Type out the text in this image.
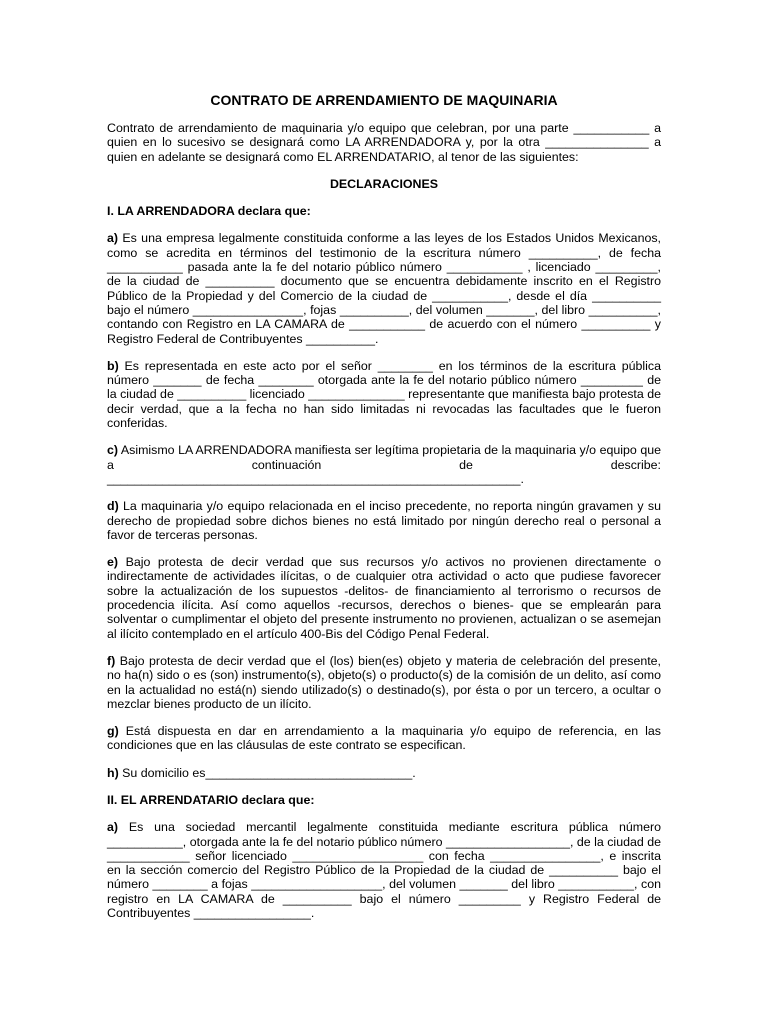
CONTRATO DE ARRENDAMIENTO DE MAQUINARIA

Contrato de arrendamiento de maquinaria y/o equipo que celebran, por una parte ___________ a quien en lo sucesivo se designará como LA ARRENDADORA y, por la otra _______________ a quien en adelante se designará como EL ARRENDATARIO, al tenor de las siguientes:

DECLARACIONES
I. LA ARRENDADORA declara que:

a) Es una empresa legalmente constituida conforme a las leyes de los Estados Unidos Mexicanos, como se acredita en términos del testimonio de la escritura número __________, de fecha ___________ pasada ante la fe del notario público número ___________ , licenciado _________, de la ciudad de __________ documento que se encuentra debidamente inscrito en el Registro Público de la Propiedad y del Comercio de la ciudad de ___________, desde el día __________ bajo el número ________________, fojas __________, del volumen _______, del libro __________, contando con Registro en LA CAMARA de ___________ de acuerdo con el número __________ y Registro Federal de Contribuyentes __________.

b) Es representada en este acto por el señor ________ en los términos de la escritura pública número _______ de fecha ________ otorgada ante la fe del notario público número _________ de la ciudad de __________ licenciado ______________ representante que manifiesta bajo protesta de decir verdad, que a la fecha no han sido limitadas ni revocadas las facultades que le fueron conferidas.

c) Asimismo LA ARRENDADORA manifiesta ser legítima propietaria de la maquinaria y/o equipo que a continuación de describe: ____________________________________________________________.

d) La maquinaria y/o equipo relacionada en el inciso precedente, no reporta ningún gravamen y su derecho de propiedad sobre dichos bienes no está limitado por ningún derecho real o personal a favor de terceras personas.

e) Bajo protesta de decir verdad que sus recursos y/o activos no provienen directamente o indirectamente de actividades ilícitas, o de cualquier otra actividad o acto que pudiese favorecer sobre la actualización de los supuestos -delitos- de financiamiento al terrorismo o recursos de procedencia ilícita. Así como aquellos -recursos, derechos o bienes- que se emplearán para solventar o cumplimentar el objeto del presente instrumento no provienen, actualizan o se asemejan al ilícito contemplado en el artículo 400-Bis del Código Penal Federal.

f) Bajo protesta de decir verdad que el (los) bien(es) objeto y materia de celebración del presente, no ha(n) sido o es (son) instrumento(s), objeto(s) o producto(s) de la comisión de un delito, así como en la actualidad no está(n) siendo utilizado(s) o destinado(s), por ésta o por un tercero, a ocultar o mezclar bienes producto de un ilícito.

g) Está dispuesta en dar en arrendamiento a la maquinaria y/o equipo de referencia, en las condiciones que en las cláusulas de este contrato se especifican.

h) Su domicilio es______________________________.

II. EL ARRENDATARIO declara que:

a) Es una sociedad mercantil legalmente constituida mediante escritura pública número ___________, otorgada ante la fe del notario público número __________________, de la ciudad de ____________ señor licenciado ___________________ con fecha ________________, e inscrita en la sección comercio del Registro Público de la Propiedad de la ciudad de __________ bajo el número ________ a fojas ___________________, del volumen _______ del libro ___________, con registro en LA CAMARA de __________ bajo el número _________ y Registro Federal de Contribuyentes _________________.
